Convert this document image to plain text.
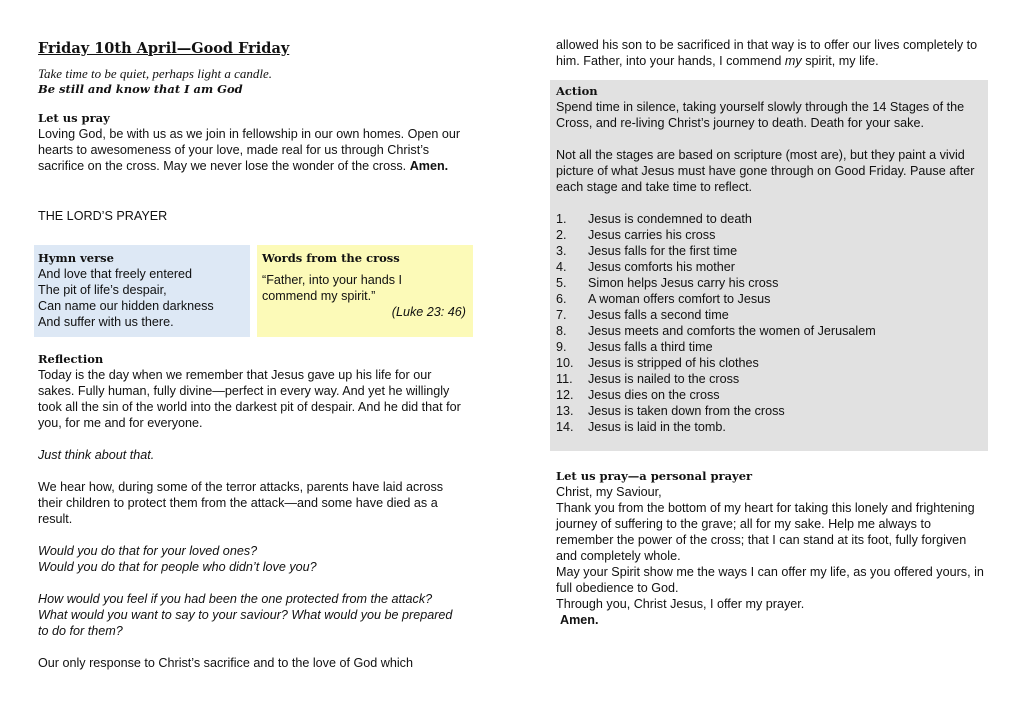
Friday 10th April—Good Friday
Take time to be quiet, perhaps light a candle.
Be still and know that I am God
Let us pray

Loving God, be with us as we join in fellowship in our own homes. Open our hearts to awesomeness of your love, made real for us through Christ’s sacrifice on the cross. May we never lose the wonder of the cross. Amen.

THE LORD’S PRAYER
Hymn verse
And love that freely entered
The pit of life’s despair,
Can name our hidden darkness
And suffer with us there.
Words from the cross

“Father, into your hands I commend my spirit.”

(Luke 23: 46)
Reflection

Today is the day when we remember that Jesus gave up his life for our sakes. Fully human, fully divine—perfect in every way. And yet he willingly took all the sin of the world into the darkest pit of despair. And he did that for you, for me and for everyone.

Just think about that.

We hear how, during some of the terror attacks, parents have laid across their children to protect them from the attack—and some have died as a result.

Would you do that for your loved ones?

Would you do that for people who didn’t love you?

How would you feel if you had been the one protected from the attack? What would you want to say to your saviour? What would you be prepared to do for them?

Our only response to Christ’s sacrifice and to the love of God which

allowed his son to be sacrificed in that way is to offer our lives completely to him. Father, into your hands, I commend my spirit, my life.

Action

Spend time in silence, taking yourself slowly through the 14 Stages of the Cross, and re-living Christ’s journey to death. Death for your sake.

Not all the stages are based on scripture (most are), but they paint a vivid picture of what Jesus must have gone through on Good Friday. Pause after each stage and take time to reflect.

1.	Jesus is condemned to death
2.	Jesus carries his cross
3.	Jesus falls for the first time
4.	Jesus comforts his mother
5.	Simon helps Jesus carry his cross
6.	A woman offers comfort to Jesus
7.	Jesus falls a second time
8.	Jesus meets and comforts the women of Jerusalem
9.	Jesus falls a third time
10.	Jesus is stripped of his clothes
11.	Jesus is nailed to the cross
12.	Jesus dies on the cross
13.	Jesus is taken down from the cross
14.	Jesus is laid in the tomb.
Let us pray—a personal prayer

Christ, my Saviour,

Thank you from the bottom of my heart for taking this lonely and frightening journey of suffering to the grave; all for my sake. Help me always to remember the power of the cross; that I can stand at its foot, fully forgiven and completely whole.

May your Spirit show me the ways I can offer my life, as you offered yours, in full obedience to God.

Through you, Christ Jesus, I offer my prayer.

Amen.
